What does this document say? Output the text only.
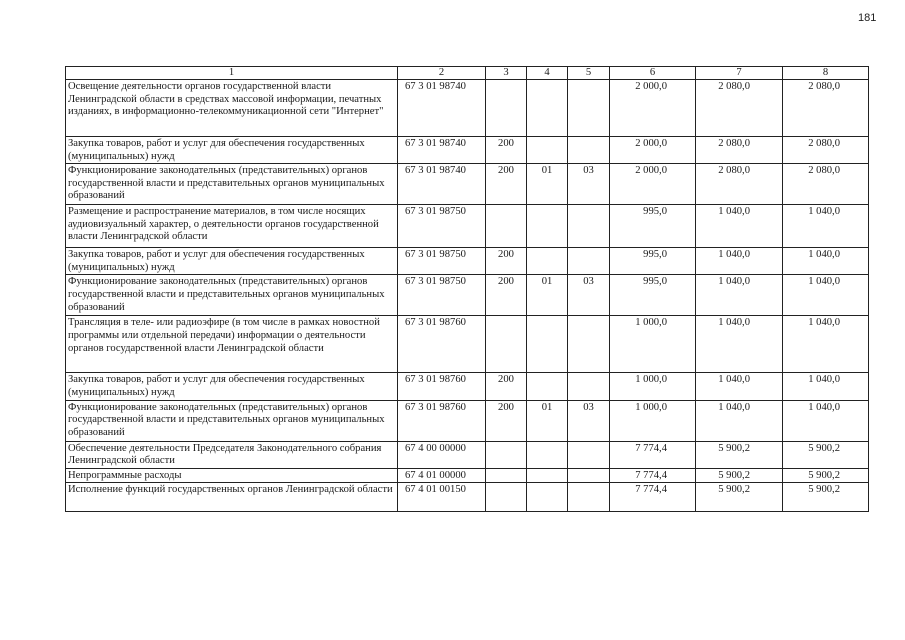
181
1	2	3	4	5	6	7	8
Освещение деятельности органов государственной власти Ленинградской области в средствах массовой информации, печатных изданиях, в информационно-телекоммуникационной сети "Интернет"	67 3 01 98740				2 000,0	2 080,0	2 080,0
Закупка товаров, работ и услуг для обеспечения государственных (муниципальных) нужд	67 3 01 98740	200			2 000,0	2 080,0	2 080,0
Функционирование законодательных (представительных) органов государственной власти и представительных органов муниципальных образований	67 3 01 98740	200	01	03	2 000,0	2 080,0	2 080,0
Размещение и распространение материалов, в том числе носящих аудиовизуальный характер, о деятельности органов государственной власти Ленинградской области	67 3 01 98750				995,0	1 040,0	1 040,0
Закупка товаров, работ и услуг для обеспечения государственных (муниципальных) нужд	67 3 01 98750	200			995,0	1 040,0	1 040,0
Функционирование законодательных (представительных) органов государственной власти и представительных органов муниципальных образований	67 3 01 98750	200	01	03	995,0	1 040,0	1 040,0
Трансляция в теле- или радиоэфире (в том числе в рамках новостной программы или отдельной передачи) информации о деятельности органов государственной власти Ленинградской области	67 3 01 98760				1 000,0	1 040,0	1 040,0
Закупка товаров, работ и услуг для обеспечения государственных (муниципальных) нужд	67 3 01 98760	200			1 000,0	1 040,0	1 040,0
Функционирование законодательных (представительных) органов государственной власти и представительных органов муниципальных образований	67 3 01 98760	200	01	03	1 000,0	1 040,0	1 040,0
Обеспечение деятельности Председателя Законодательного собрания Ленинградской области	67 4 00 00000				7 774,4	5 900,2	5 900,2
Непрограммные расходы	67 4 01 00000				7 774,4	5 900,2	5 900,2
Исполнение функций государственных органов Ленинградской области	67 4 01 00150				7 774,4	5 900,2	5 900,2
